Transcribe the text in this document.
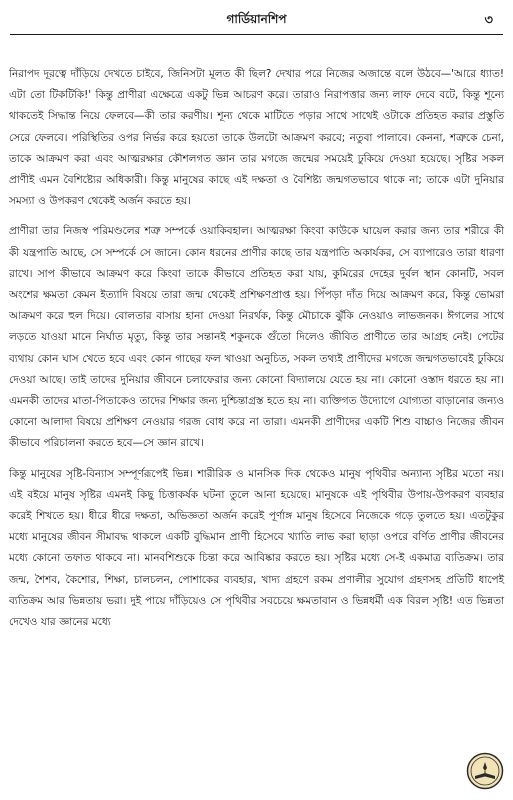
গার্ডিয়ানশিপ	৩

নিরাপদ দূরত্বে দাঁড়িয়ে দেখতে চাইবে, জিনিসটা মূলত কী ছিল? দেখার পরে নিজের অজান্তে বলে উঠবে—'আরে ধ্যাত! এটা তো টিকটিকি!' কিন্তু প্রাণীরা এক্ষেত্রে একটু ভিন্ন আচরণ করে। তারাও নিরাপত্তার জন্য লাফ দেবে বটে, কিন্তু শূন্যে থাকতেই সিদ্ধান্ত নিয়ে ফেলবে—কী তার করণীয়। শূন্য থেকে মাটিতে পড়ার সাথে সাথেই ওটাকে প্রতিহত করার প্রস্তুতি সেরে ফেলবে। পরিস্থিতির ওপর নির্ভর করে হয়তো তাকে উলটো আক্রমণ করবে; নতুবা পালাবে। কেননা, শত্রুকে চেনা, তাকে আক্রমণ করা এবং আত্মরক্ষার কৌশলগত জ্ঞান তার মগজে জন্মের সময়েই ঢুকিয়ে দেওয়া হয়েছে। সৃষ্টির সকল প্রাণীই এমন বৈশিষ্ট্যের অধিকারী। কিন্তু মানুষের কাছে এই দক্ষতা ও বৈশিষ্ট্য জন্মগতভাবে থাকে না; তাকে এটা দুনিয়ার সমস্যা ও উপকরণ থেকেই অর্জন করতে হয়।

প্রাণীরা তার নিজস্ব পরিমণ্ডলের শত্রু সম্পর্কে ওয়াকিবহাল। আত্মরক্ষা কিংবা কাউকে ঘায়েল করার জন্য তার শরীরে কী কী যন্ত্রপাতি আছে, সে সম্পর্কে সে জানে। কোন ধরনের প্রাণীর কাছে তার যন্ত্রপাতি অকার্যকর, সে ব্যাপারেও তারা ধারণা রাখে। সাপ কীভাবে আক্রমণ করে কিংবা তাকে কীভাবে প্রতিহত করা যায়, কুমিরের দেহের দুর্বল স্থান কোনটি, সবল অংশের ক্ষমতা কেমন ইত্যাদি বিষয়ে তারা জন্ম থেকেই প্রশিক্ষণপ্রাপ্ত হয়। পিঁপড়া দাঁত দিয়ে আক্রমণ করে, কিন্তু ভোমরা আক্রমণ করে হুল দিয়ে। বোলতার বাসায় হানা দেওয়া নিরর্থক, কিন্তু মৌচাকে ঝুঁকি নেওয়াও লাভজনক। ঈগলের সাথে লড়তে যাওয়া মানে নির্ঘাত মৃত্যু, কিন্তু তার সন্তানই শকুনকে গুঁতো দিলেও জীবিত প্রাণীতে তার আগ্রহ নেই। পেটের ব্যথায় কোন ঘাস খেতে হবে এবং কোন গাছের ফল খাওয়া অনুচিত, সকল তথ্যই প্রাণীদের মগজে জন্মগতভাবেই ঢুকিয়ে দেওয়া আছে। তাই তাদের দুনিয়ার জীবনে চলাফেরার জন্য কোনো বিদ্যালয়ে যেতে হয় না। কোনো ওস্তাদ ধরতে হয় না। এমনকী তাদের মাতা-পিতাকেও তাদের শিক্ষার জন্য দুশ্চিন্তাগ্রস্ত হতে হয় না। ব্যক্তিগত উদ্যোগে যোগ্যতা বাড়ানোর জন্যও কোনো আলাদা বিষয়ে প্রশিক্ষণ নেওয়ার গরজ বোধ করে না তারা। এমনকী প্রাণীদের একটি শিশু বাচ্চাও নিজের জীবন কীভাবে পরিচালনা করতে হবে—সে জ্ঞান রাখে।

কিন্তু মানুষের সৃষ্টি-বিন্যাস সম্পূর্ণরূপেই ভিন্ন। শারীরিক ও মানসিক দিক থেকেও মানুষ পৃথিবীর অন্যান্য সৃষ্টির মতো নয়। এই বইয়ে মানুষ সৃষ্টির এমনই কিছু চিত্তাকর্ষক ঘটনা তুলে আনা হয়েছে। মানুষকে এই পৃথিবীর উপায়-উপকরণ ব্যবহার করেই শিখতে হয়। ধীরে ধীরে দক্ষতা, অভিজ্ঞতা অর্জন করেই পূর্ণাঙ্গ মানুষ হিসেবে নিজেকে গড়ে তুলতে হয়। এতটুকুর মধ্যে মানুষের জীবন সীমাবদ্ধ থাকলে একটি বুদ্ধিমান প্রাণী হিসেবে খ্যাতি লাভ করা ছাড়া ওপরে বর্ণিত প্রাণীর জীবনের মধ্যে কোনো তফাত থাকবে না। মানবশিশুকে চিন্তা করে আবিষ্কার করতে হয়। সৃষ্টির মধ্যে সে-ই একমাত্র ব্যতিক্রম। তার জন্ম, শৈশব, কৈশোর, শিক্ষা, চালচলন, পোশাকের ব্যবহার, খাদ্য গ্রহণে রকম প্রণালীর সুযোগ গ্রহণসহ প্রতিটি ধাপেই ব্যতিক্রম আর ভিন্নতায় ভরা। দুই পায়ে দাঁড়িয়েও সে পৃথিবীর সবচেয়ে ক্ষমতাবান ও ভিন্নধর্মী এক বিরল সৃষ্টি! এত ভিন্নতা দেখেও যার জ্ঞানের মধ্যে
